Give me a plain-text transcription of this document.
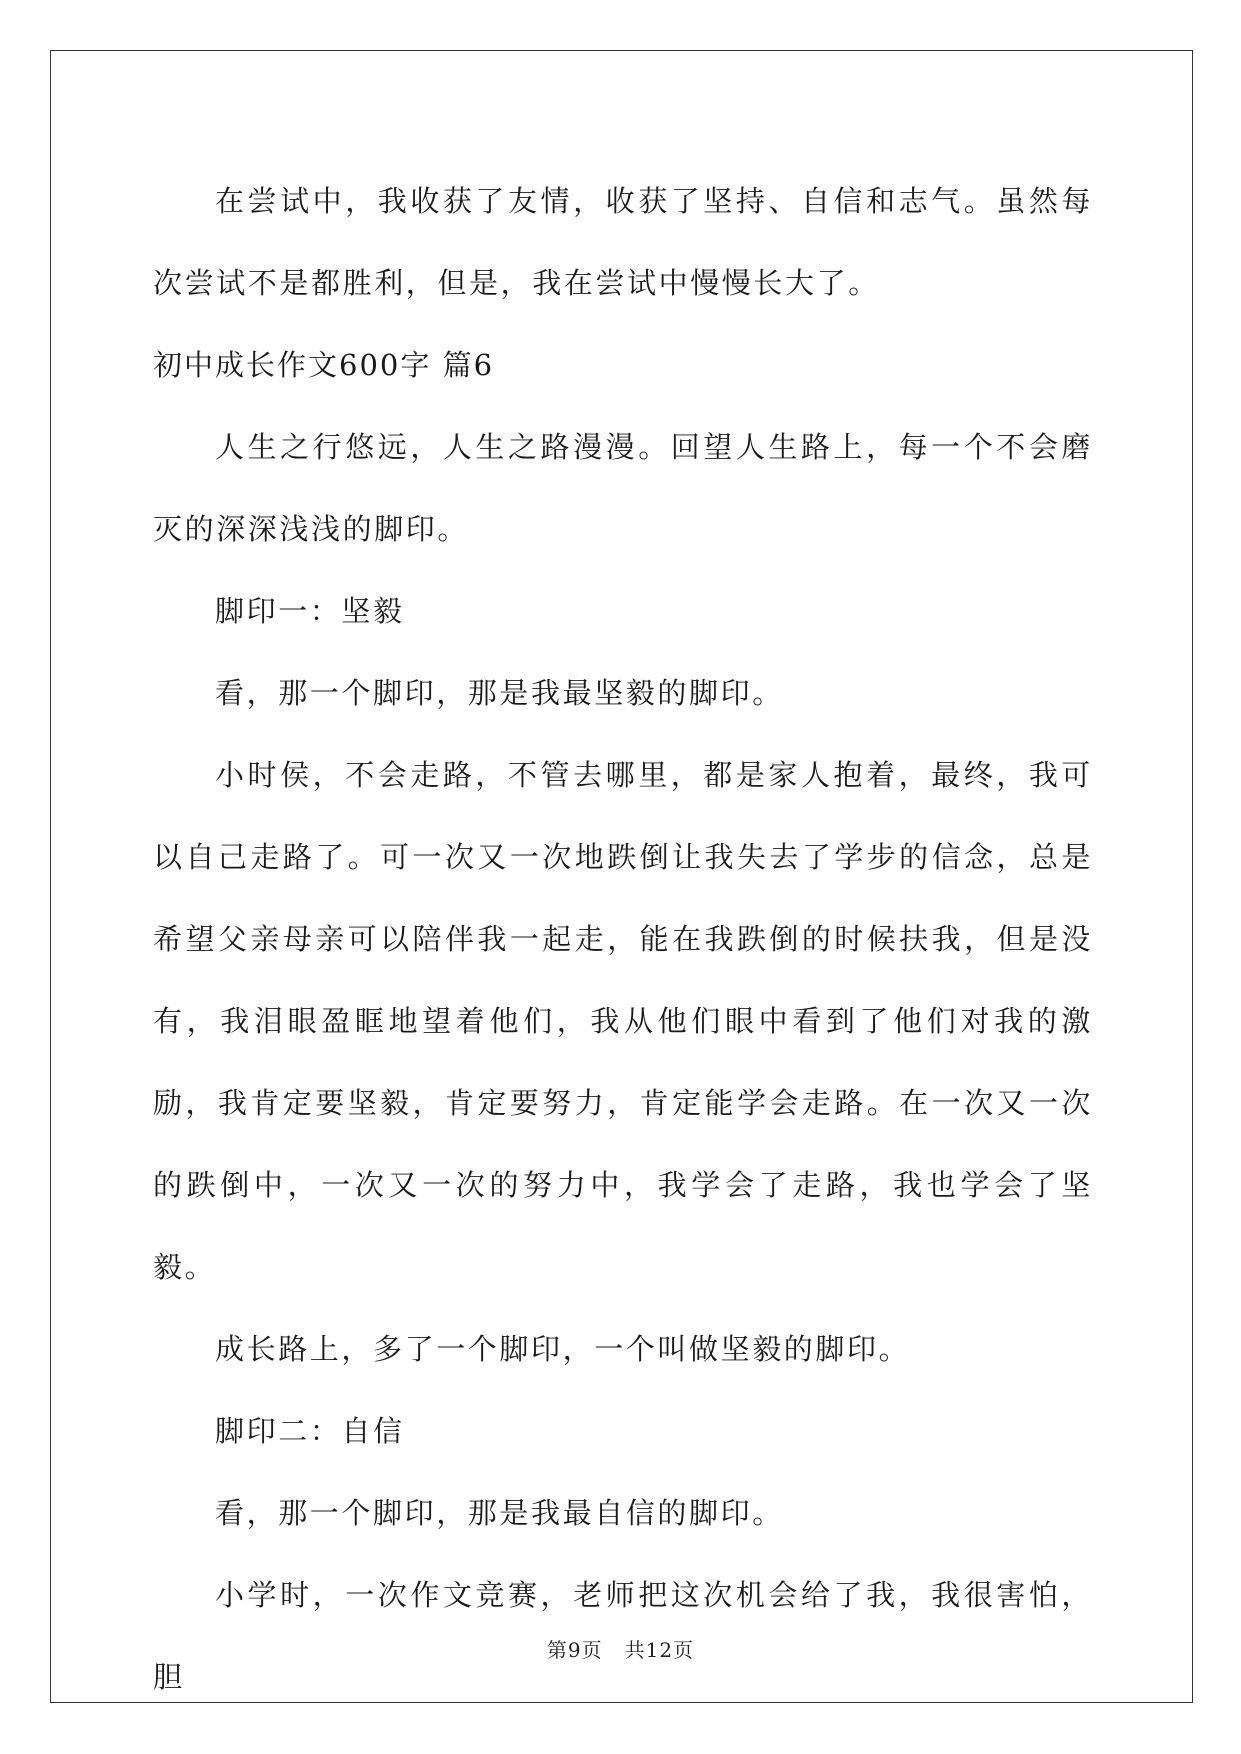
在尝试中，我收获了友情，收获了坚持、自信和志气。虽然每次尝试不是都胜利，但是，我在尝试中慢慢长大了。

初中成长作文600字 篇6

人生之行悠远，人生之路漫漫。回望人生路上，每一个不会磨灭的深深浅浅的脚印。

脚印一：坚毅

看，那一个脚印，那是我最坚毅的脚印。

小时侯，不会走路，不管去哪里，都是家人抱着，最终，我可以自己走路了。可一次又一次地跌倒让我失去了学步的信念，总是希望父亲母亲可以陪伴我一起走，能在我跌倒的时候扶我，但是没有，我泪眼盈眶地望着他们，我从他们眼中看到了他们对我的激励，我肯定要坚毅，肯定要努力，肯定能学会走路。在一次又一次的跌倒中，一次又一次的努力中，我学会了走路，我也学会了坚毅。

成长路上，多了一个脚印，一个叫做坚毅的脚印。

脚印二：自信

看，那一个脚印，那是我最自信的脚印。

小学时，一次作文竞赛，老师把这次机会给了我，我很害怕，胆

第9页 共12页
